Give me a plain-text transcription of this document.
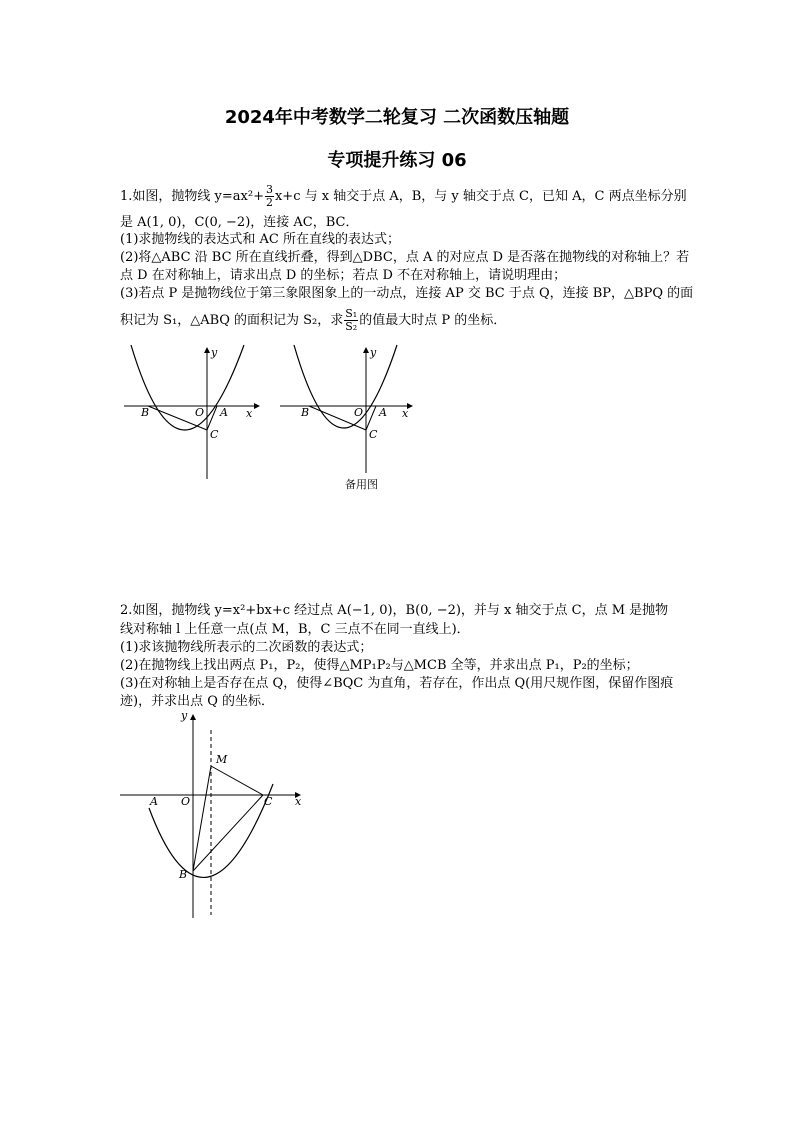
2024年中考数学二轮复习 二次函数压轴题
专项提升练习 06
1.如图，抛物线 $y=ax^2+ \frac{3}{2} x+c$ 与 x 轴交于点 A，B，与 y 轴交于点 C，已知 A，C 两点坐标分别
是 A(1, 0)，C(0, −2)，连接 AC，BC．
(1)求抛物线的表达式和 AC 所在直线的表达式；
(2)将△ABC 沿 BC 所在直线折叠，得到△DBC，点 A 的对应点 D 是否落在抛物线的对称轴上？若
点 D 在对称轴上，请求出点 D 的坐标；若点 D 不在对称轴上，请说明理由；
(3)若点 P 是抛物线位于第三象限图象上的一动点，连接 AP 交 BC 于点 Q，连接 BP，△BPQ 的面
积记为 S₁，△ABQ 的面积记为 S₂，求 $\frac{\text{S₁}}{\text{S₂}}$ 的值最大时点 P 的坐标．
y
x
O A
B
C
y
x
O A
B
C
备用图
2.如图，抛物线 y=x²+bx+c 经过点 A(−1, 0)，B(0, −2)，并与 x 轴交于点 C，点 M 是抛物
线对称轴 l 上任意一点(点 M，B，C 三点不在同一直线上)．
(1)求该抛物线所表示的二次函数的表达式；
(2)在抛物线上找出两点 P₁，P₂，使得△MP₁P₂与△MCB 全等，并求出点 P₁，P₂的坐标；
(3)在对称轴上是否存在点 Q，使得∠BQC 为直角，若存在，作出点 Q(用尺规作图，保留作图痕
迹)，并求出点 Q 的坐标．
y
x
O
A	C
M
B
